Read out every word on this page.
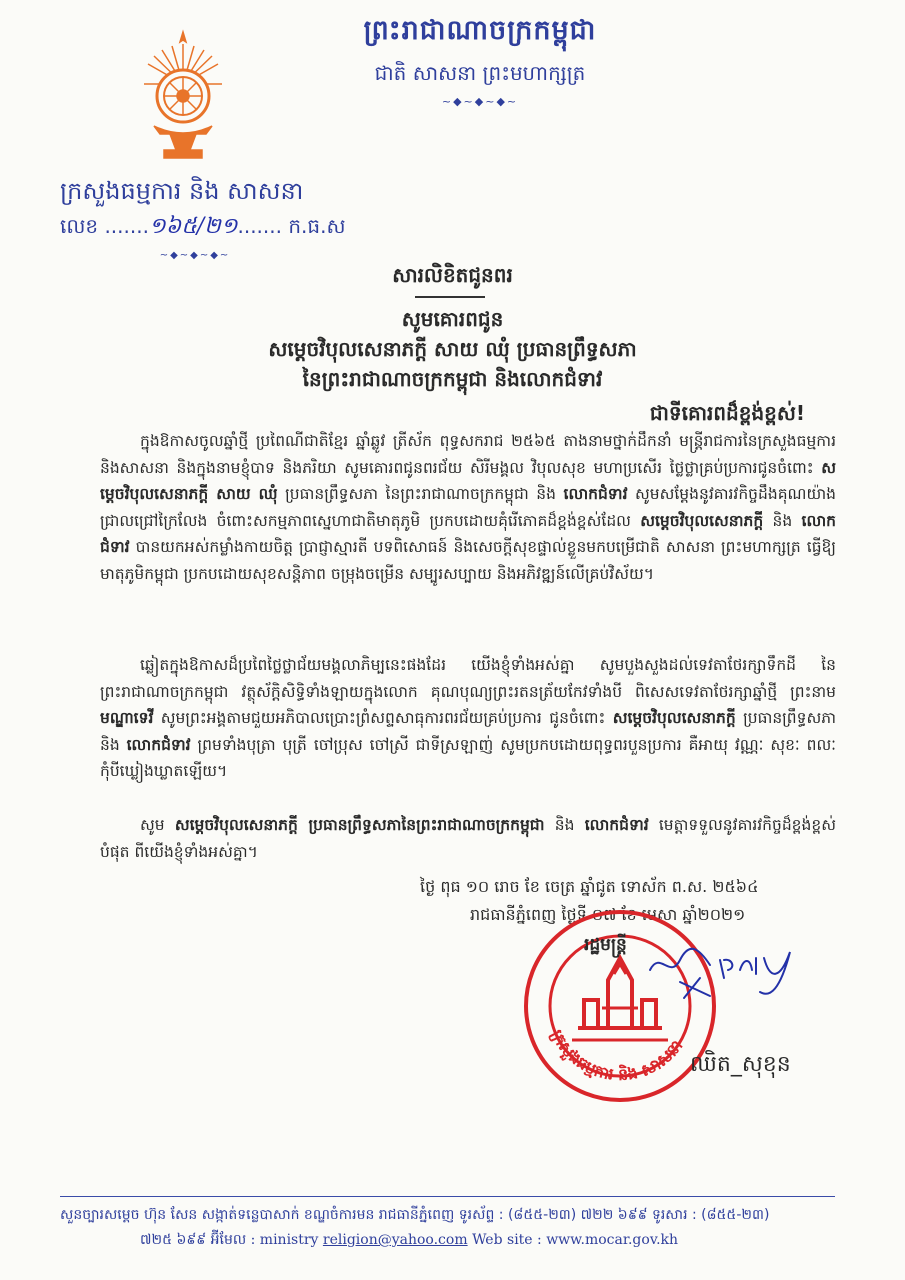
ព្រះរាជាណាចក្រកម្ពុជា
ជាតិ សាសនា ព្រះមហាក្សត្រ
~◆~◆~◆~
ក្រសួងធម្មការ និង សាសនា
លេខ .......១៦៥/២១....... ក.ធ.ស
~◆~◆~◆~
សារលិខិតជូនពរ
សូមគោរពជូន
សម្តេចវិបុលសេនាភក្តី សាយ ឈុំ ប្រធានព្រឹទ្ធសភា
នៃព្រះរាជាណាចក្រកម្ពុជា និងលោកជំទាវ
ជាទីគោរពដ៏ខ្ពង់ខ្ពស់!
ក្នុងឱកាសចូលឆ្នាំថ្មី ប្រពៃណីជាតិខ្មែរ ឆ្នាំឆ្លូវ ត្រីស័ក ពុទ្ធសករាជ ២៥៦៥ តាងនាមថ្នាក់ដឹកនាំ មន្ត្រីរាជការនៃក្រសួងធម្មការ និងសាសនា និងក្នុងនាមខ្ញុំបាទ និងភរិយា សូមគោរពជូនពរជ័យ សិរីមង្គល វិបុលសុខ មហាប្រសើរ ថ្លៃថ្លាគ្រប់ប្រការជូនចំពោះ សម្តេចវិបុលសេនាភក្តី សាយ ឈុំ ប្រធានព្រឹទ្ធសភា នៃព្រះរាជាណាចក្រកម្ពុជា និង លោកជំទាវ សូមសម្តែងនូវគារវកិច្ចដឹងគុណយ៉ាងជ្រាលជ្រៅក្រៃលែង ចំពោះសកម្មភាពស្នេហាជាតិមាតុភូមិ ប្រកបដោយគុំរើភោគដ៏ខ្ពង់ខ្ពស់ដែល សម្តេចវិបុលសេនាភក្តី និង លោកជំទាវ បានយកអស់កម្លាំងកាយចិត្ត ប្រាជ្ញាស្មារតី បទពិសោធន៍ និងសេចក្តីសុខផ្ទាល់ខ្លួនមកបម្រើជាតិ សាសនា ព្រះមហាក្សត្រ ធ្វើឱ្យមាតុភូមិកម្ពុជា ប្រកបដោយសុខសន្តិភាព ចម្រុងចម្រើន សម្បូរសប្បាយ និងអភិវឌ្ឍន៍លើគ្រប់វិស័យ។
ឆ្លៀតក្នុងឱកាសដ៏ប្រពៃថ្លៃថ្លាជ័យមង្គលាភិម្បនេះផងដែរ យើងខ្ញុំទាំងអស់គ្នា សូមបួងសួងដល់ទេវតាថែរក្សាទឹកដី នៃព្រះរាជាណាចក្រកម្ពុជា វត្ថុស័ក្តិសិទ្ធិទាំងឡាយក្នុងលោក គុណបុណ្យព្រះរតនត្រ័យកែវទាំងបី ពិសេសទេវតាថែរក្សាឆ្នាំថ្មី ព្រះនាម មណ្ឌាទេវី សូមព្រះអង្គតាមជួយអភិបាលប្រោះព្រំសព្ទសាធុការពរជ័យគ្រប់ប្រការ ជូនចំពោះ សម្តេចវិបុលសេនាភក្តី ប្រធានព្រឹទ្ធសភា និង លោកជំទាវ ព្រមទាំងបុត្រា បុត្រី ចៅប្រុស ចៅស្រី ជាទីស្រឡាញ់ សូមប្រកបដោយពុទ្ធពរបួនប្រការ គឺអាយុ វណ្ណៈ សុខៈ ពលៈ កុំបីឃ្លៀងឃ្លាតឡើយ។
សូម សម្តេចវិបុលសេនាភក្តី ប្រធានព្រឹទ្ធសភានៃព្រះរាជាណាចក្រកម្ពុជា និង លោកជំទាវ មេត្តាទទួលនូវគារវកិច្ចដ៏ខ្ពង់ខ្ពស់បំផុត ពីយើងខ្ញុំទាំងអស់គ្នា។
ថ្ងៃ ពុធ ១០ រោច ខែ ចេត្រ ឆ្នាំជូត ទោស័ក ព.ស. ២៥៦៤
រាជធានីភ្នំពេញ ថ្ងៃទី ០៧ ខែ មេសា ឆ្នាំ២០២១
ក្រសួងធម្មការ និង សាសនា
រដ្ឋមន្ត្រី
ឈិត_សុខុន
សួនច្បារសម្តេច ហ៊ុន សែន សង្កាត់ទន្លេបាសាក់ ខណ្ឌចំការមន រាជធានីភ្នំពេញ ទូរស័ព្ទ : (៨៥៥-២៣) ៧២២ ៦៩៩ ទូរសារ : (៨៥៥-២៣)
៧២៥ ៦៩៩ អ៊ីមែល : ministry religion@yahoo.com Web site : www.mocar.gov.kh
